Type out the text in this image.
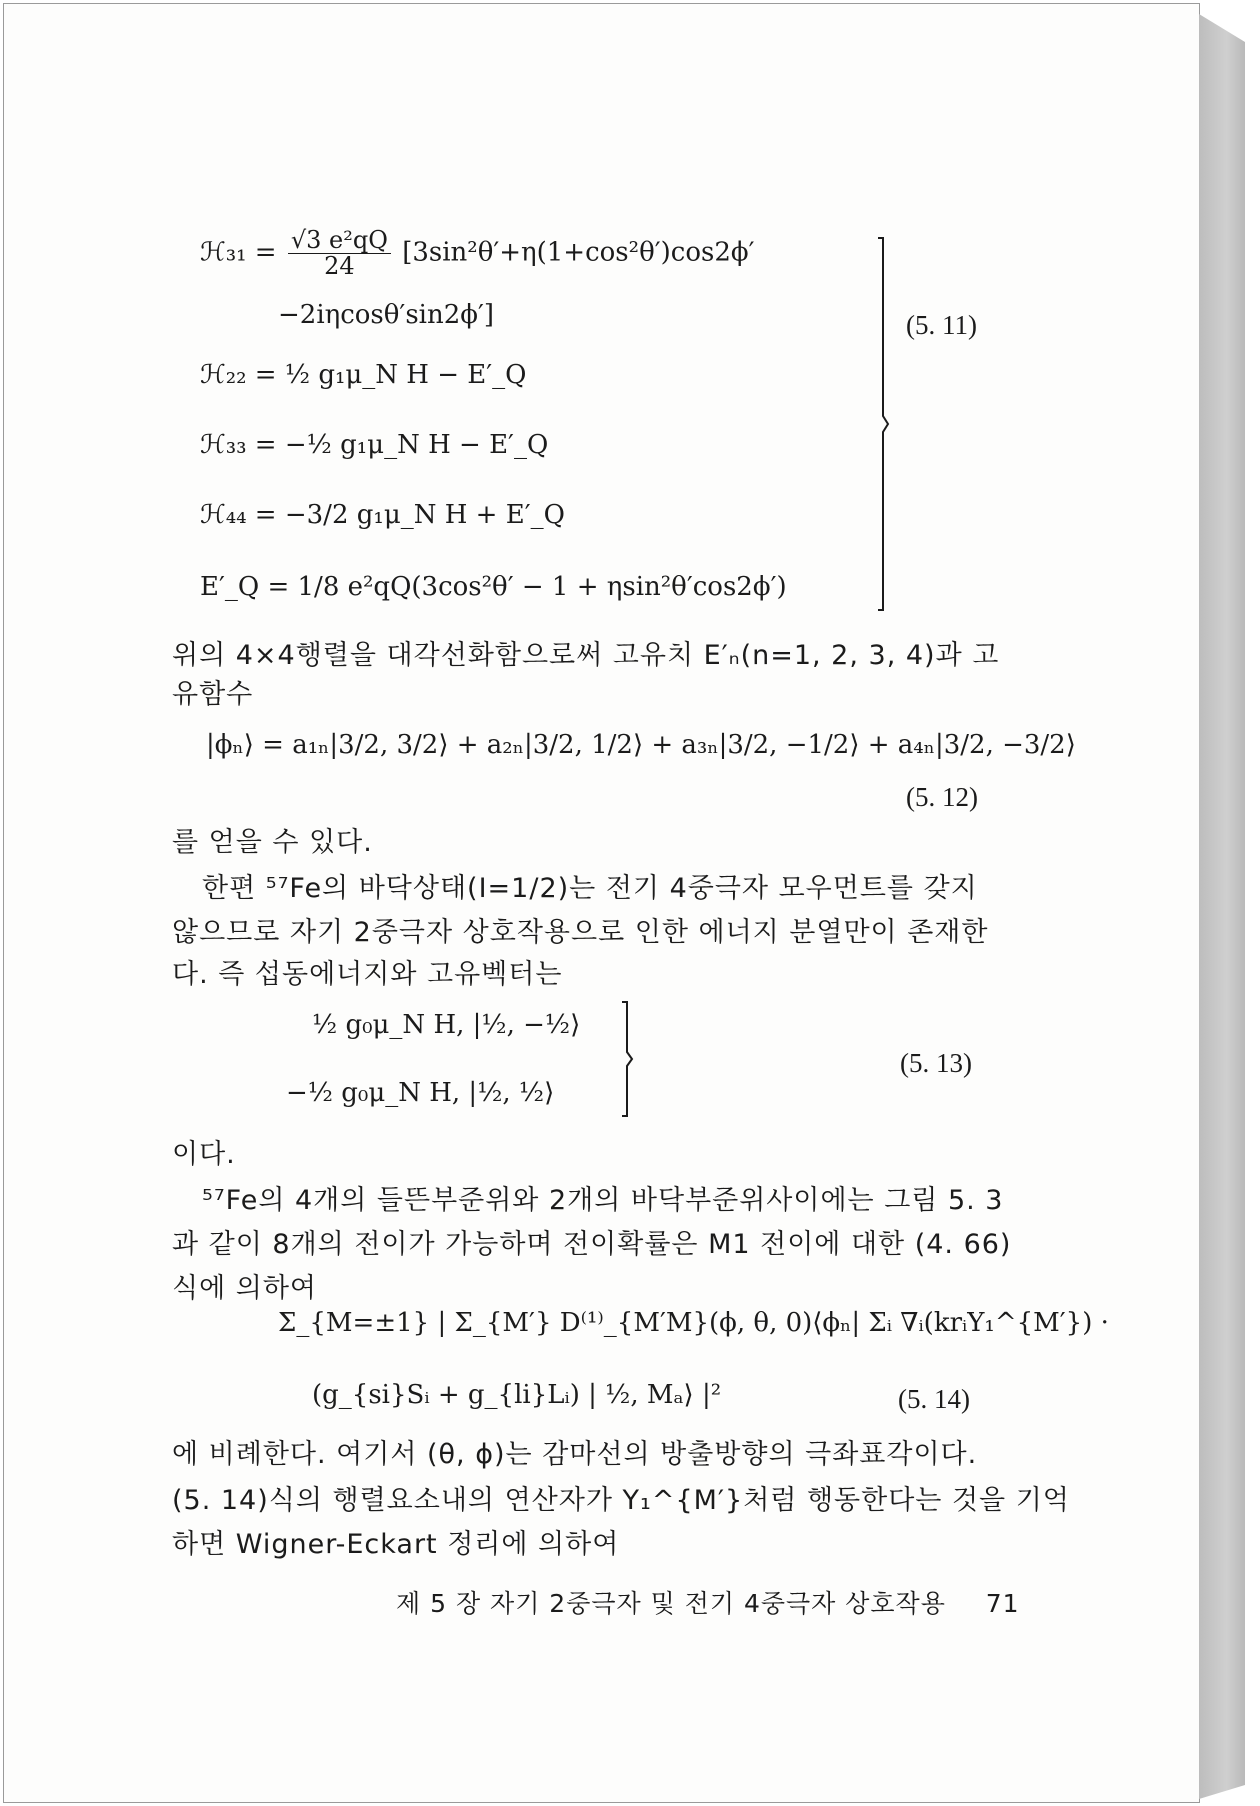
ℋ₃₁ = $\frac{\text{√3 e²qQ}}{24} [3\sin^2\theta'+\eta(1+\cos^2\theta')\cos 2\phi'$
−2iηcosθ′sin2ϕ′]
ℋ₂₂ = ½ g₁μ_N H − E′_Q
ℋ₃₃ = −½ g₁μ_N H − E′_Q
ℋ₄₄ = −3/2 g₁μ_N H + E′_Q
E′_Q = 1/8 e²qQ(3cos²θ′ − 1 + ηsin²θ′cos2ϕ′)
(5. 11)
위의 4×4행렬을 대각선화함으로써 고유치 E′ₙ(n=1, 2, 3, 4)과 고
유함수
|ϕₙ⟩ = a₁ₙ|3/2, 3/2⟩ + a₂ₙ|3/2, 1/2⟩ + a₃ₙ|3/2, −1/2⟩ + a₄ₙ|3/2, −3/2⟩
(5. 12)
를 얻을 수 있다.
한편 ⁵⁷Fe의 바닥상태(I=1/2)는 전기 4중극자 모우먼트를 갖지
않으므로 자기 2중극자 상호작용으로 인한 에너지 분열만이 존재한
다. 즉 섭동에너지와 고유벡터는
½ g₀μ_N H, |½, −½⟩
−½ g₀μ_N H, |½, ½⟩
(5. 13)
이다.
⁵⁷Fe의 4개의 들뜬부준위와 2개의 바닥부준위사이에는 그림 5. 3
과 같이 8개의 전이가 가능하며 전이확률은 M1 전이에 대한 (4. 66)
식에 의하여
Σ_{M=±1} | Σ_{M′} D⁽¹⁾_{M′M}(ϕ, θ, 0)⟨ϕₙ| Σᵢ ∇ᵢ(krᵢY₁^{M′}) ·
(g_{si}Sᵢ + g_{li}Lᵢ) | ½, Mₐ⟩ |²	(5. 14)
에 비례한다. 여기서 (θ, ϕ)는 감마선의 방출방향의 극좌표각이다.
(5. 14)식의 행렬요소내의 연산자가 Y₁^{M′}처럼 행동한다는 것을 기억
하면 Wigner-Eckart 정리에 의하여
제 5 장 자기 2중극자 및 전기 4중극자 상호작용 71
